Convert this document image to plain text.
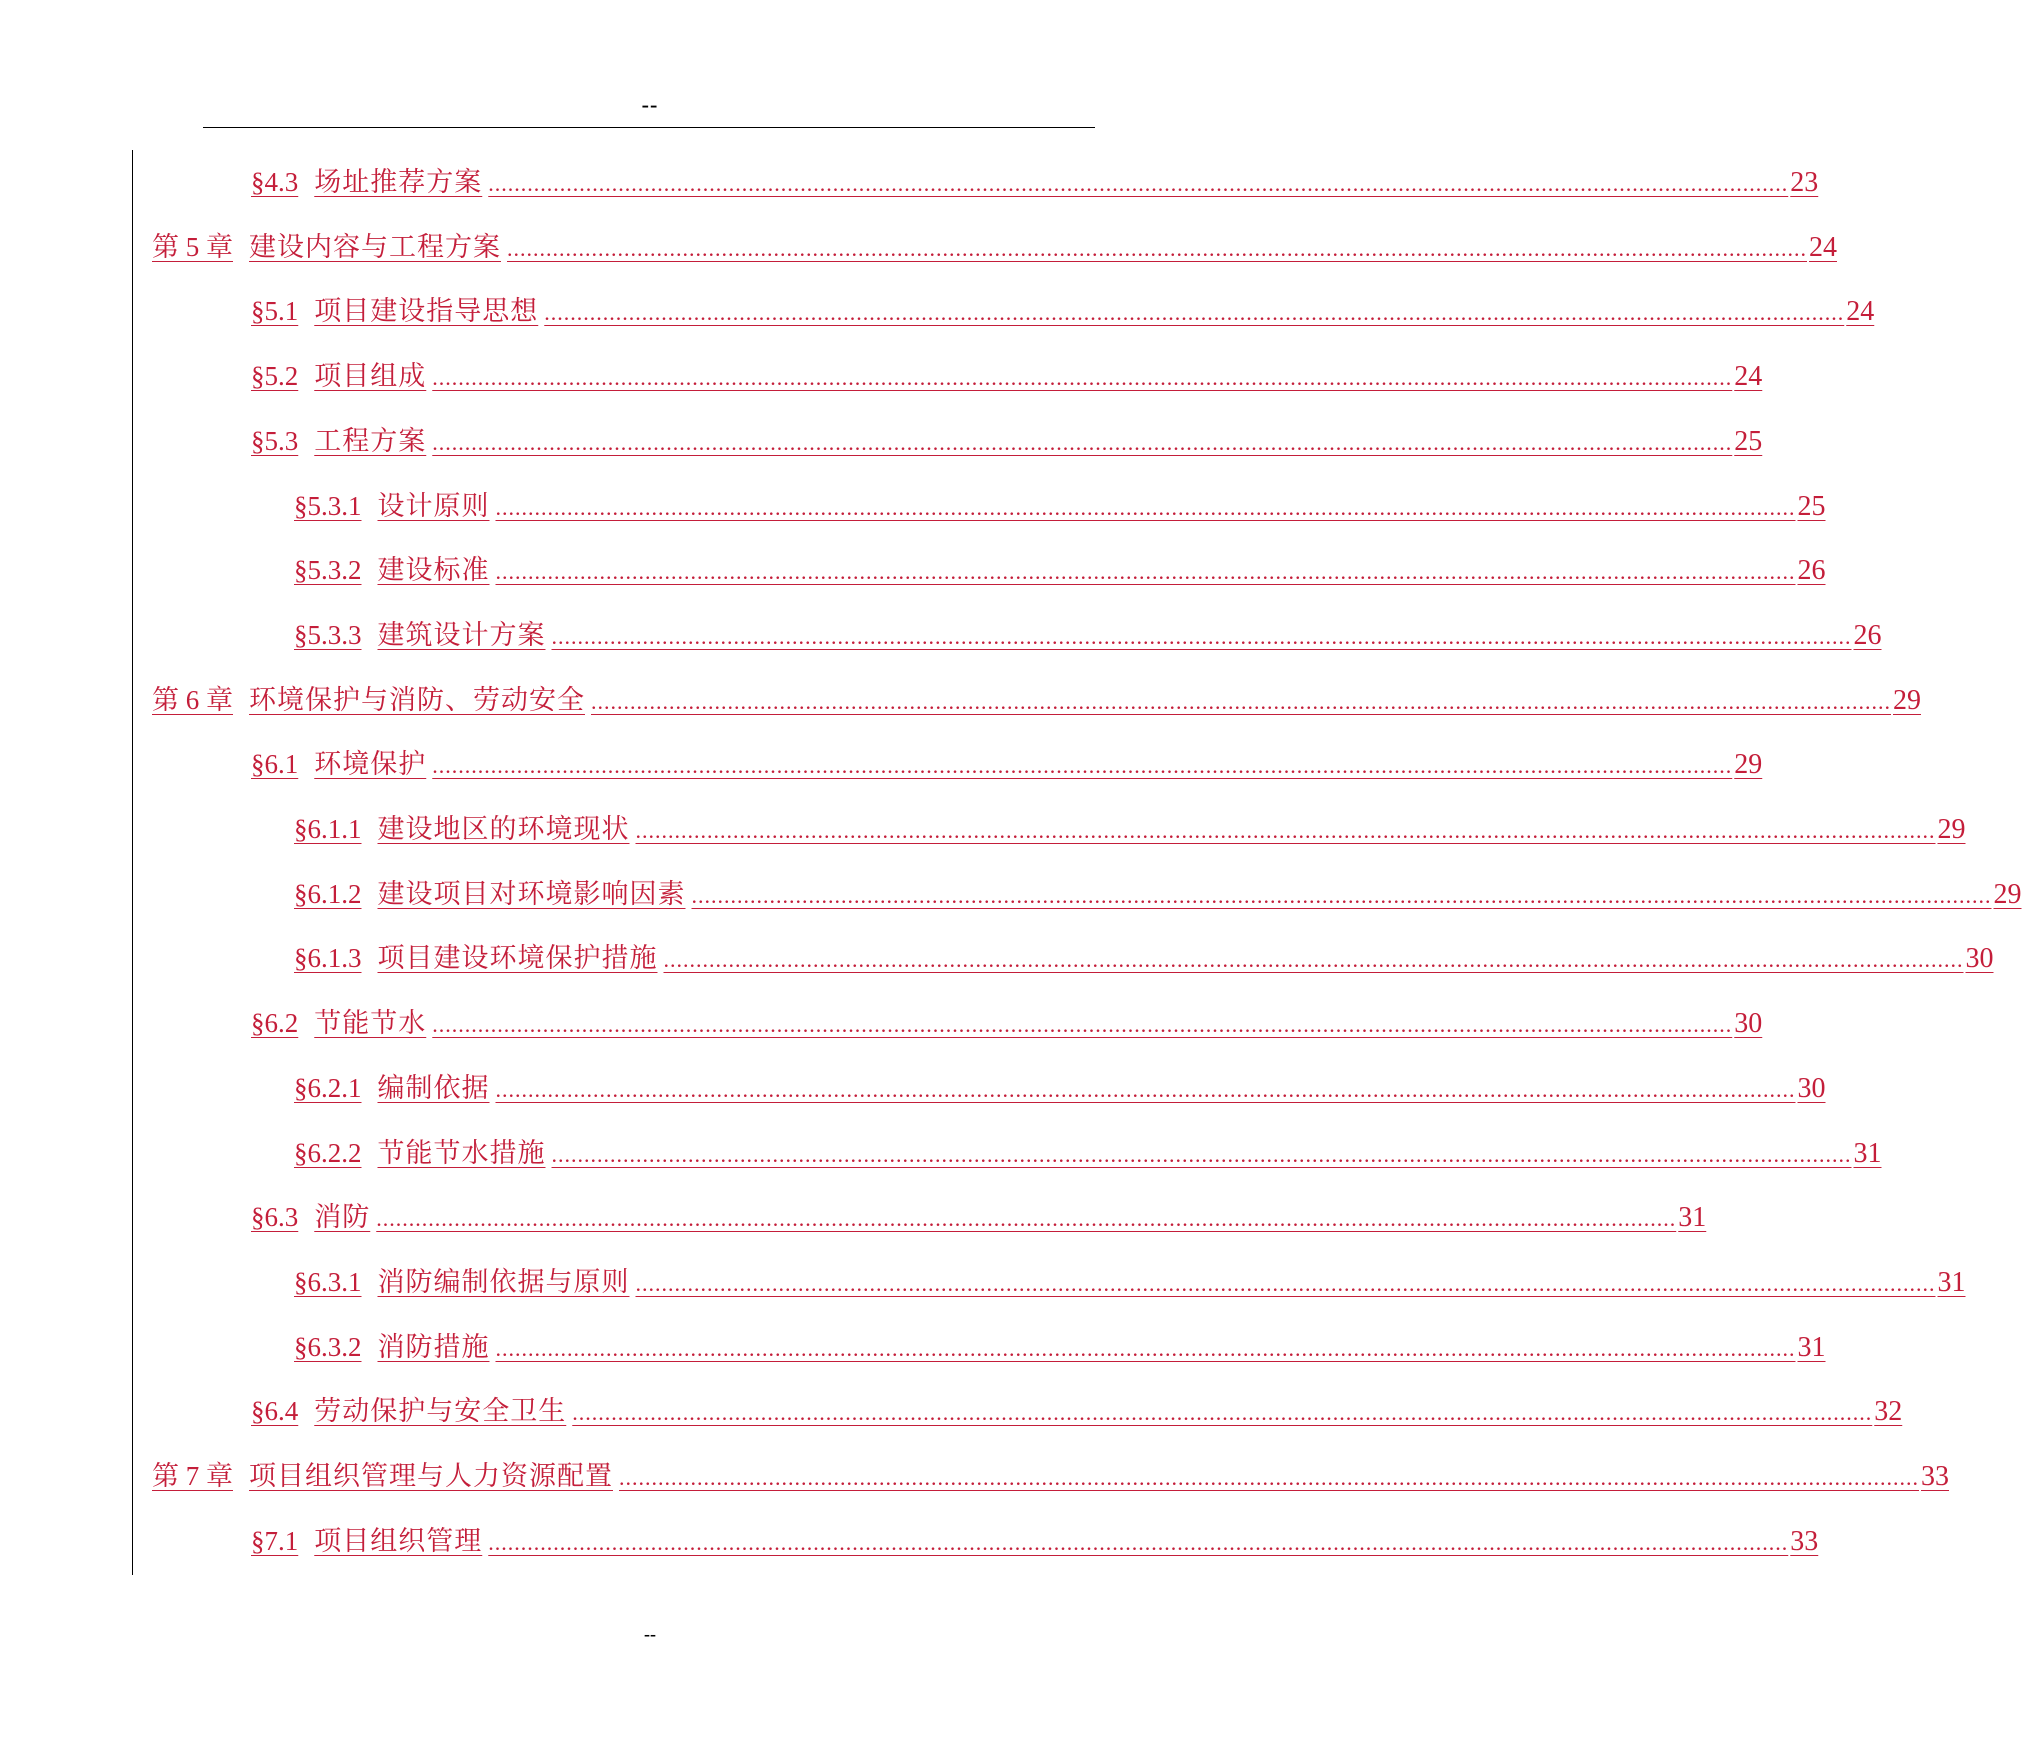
--
§4.3 场址推荐方案 ........................................................................................................................................................................................................ 23
第 5 章 建设内容与工程方案 ........................................................................................................................................................................................................ 24
§5.1 项目建设指导思想 ........................................................................................................................................................................................................ 24
§5.2 项目组成 ........................................................................................................................................................................................................ 24
§5.3 工程方案 ........................................................................................................................................................................................................ 25
§5.3.1 设计原则 ........................................................................................................................................................................................................ 25
§5.3.2 建设标准 ........................................................................................................................................................................................................ 26
§5.3.3 建筑设计方案 ........................................................................................................................................................................................................ 26
第 6 章 环境保护与消防、劳动安全 ........................................................................................................................................................................................................ 29
§6.1 环境保护 ........................................................................................................................................................................................................ 29
§6.1.1 建设地区的环境现状 ........................................................................................................................................................................................................ 29
§6.1.2 建设项目对环境影响因素 ........................................................................................................................................................................................................ 29
§6.1.3 项目建设环境保护措施 ........................................................................................................................................................................................................ 30
§6.2 节能节水 ........................................................................................................................................................................................................ 30
§6.2.1 编制依据 ........................................................................................................................................................................................................ 30
§6.2.2 节能节水措施 ........................................................................................................................................................................................................ 31
§6.3 消防 ........................................................................................................................................................................................................ 31
§6.3.1 消防编制依据与原则 ........................................................................................................................................................................................................ 31
§6.3.2 消防措施 ........................................................................................................................................................................................................ 31
§6.4 劳动保护与安全卫生 ........................................................................................................................................................................................................ 32
第 7 章 项目组织管理与人力资源配置 ........................................................................................................................................................................................................ 33
§7.1 项目组织管理 ........................................................................................................................................................................................................ 33
--
